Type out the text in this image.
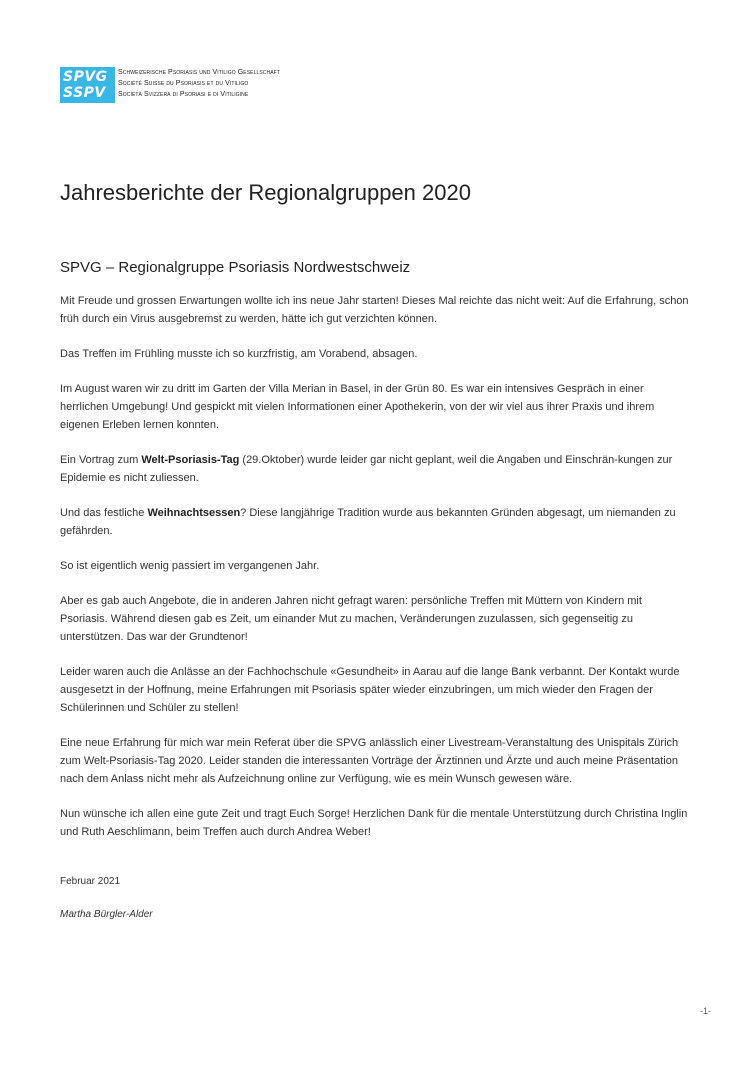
SPVG
SSPV
Schweizerische Psoriasis und Vitiligo Gesellschaft
Société Suisse du Psoriasis et du Vitiligo
Società Svizzera di Psoriasi e di Vitiligine
Jahresberichte der Regionalgruppen 2020
SPVG – Regionalgruppe Psoriasis Nordwestschweiz

Mit Freude und grossen Erwartungen wollte ich ins neue Jahr starten! Dieses Mal reichte das nicht weit: Auf die Erfahrung, schon früh durch ein Virus ausgebremst zu werden, hätte ich gut verzichten können.

Das Treffen im Frühling musste ich so kurzfristig, am Vorabend, absagen.

Im August waren wir zu dritt im Garten der Villa Merian in Basel, in der Grün 80. Es war ein intensives Gespräch in einer herrlichen Umgebung! Und gespickt mit vielen Informationen einer Apothekerin, von der wir viel aus ihrer Praxis und ihrem eigenen Erleben lernen konnten.

Ein Vortrag zum Welt-Psoriasis-Tag (29.Oktober) wurde leider gar nicht geplant, weil die Angaben und Einschrän-kungen zur Epidemie es nicht zuliessen.

Und das festliche Weihnachtsessen? Diese langjährige Tradition wurde aus bekannten Gründen abgesagt, um niemanden zu gefährden.

So ist eigentlich wenig passiert im vergangenen Jahr.

Aber es gab auch Angebote, die in anderen Jahren nicht gefragt waren: persönliche Treffen mit Müttern von Kindern mit Psoriasis. Während diesen gab es Zeit, um einander Mut zu machen, Veränderungen zuzulassen, sich gegenseitig zu unterstützen. Das war der Grundtenor!

Leider waren auch die Anlässe an der Fachhochschule «Gesundheit» in Aarau auf die lange Bank verbannt. Der Kontakt wurde ausgesetzt in der Hoffnung, meine Erfahrungen mit Psoriasis später wieder einzubringen, um mich wieder den Fragen der Schülerinnen und Schüler zu stellen!

Eine neue Erfahrung für mich war mein Referat über die SPVG anlässlich einer Livestream-Veranstaltung des Unispitals Zürich zum Welt-Psoriasis-Tag 2020. Leider standen die interessanten Vorträge der Ärztinnen und Ärzte und auch meine Präsentation nach dem Anlass nicht mehr als Aufzeichnung online zur Verfügung, wie es mein Wunsch gewesen wäre.

Nun wünsche ich allen eine gute Zeit und tragt Euch Sorge! Herzlichen Dank für die mentale Unterstützung durch Christina Inglin und Ruth Aeschlimann, beim Treffen auch durch Andrea Weber!

Februar 2021
Martha Bürgler-Alder
-1-
